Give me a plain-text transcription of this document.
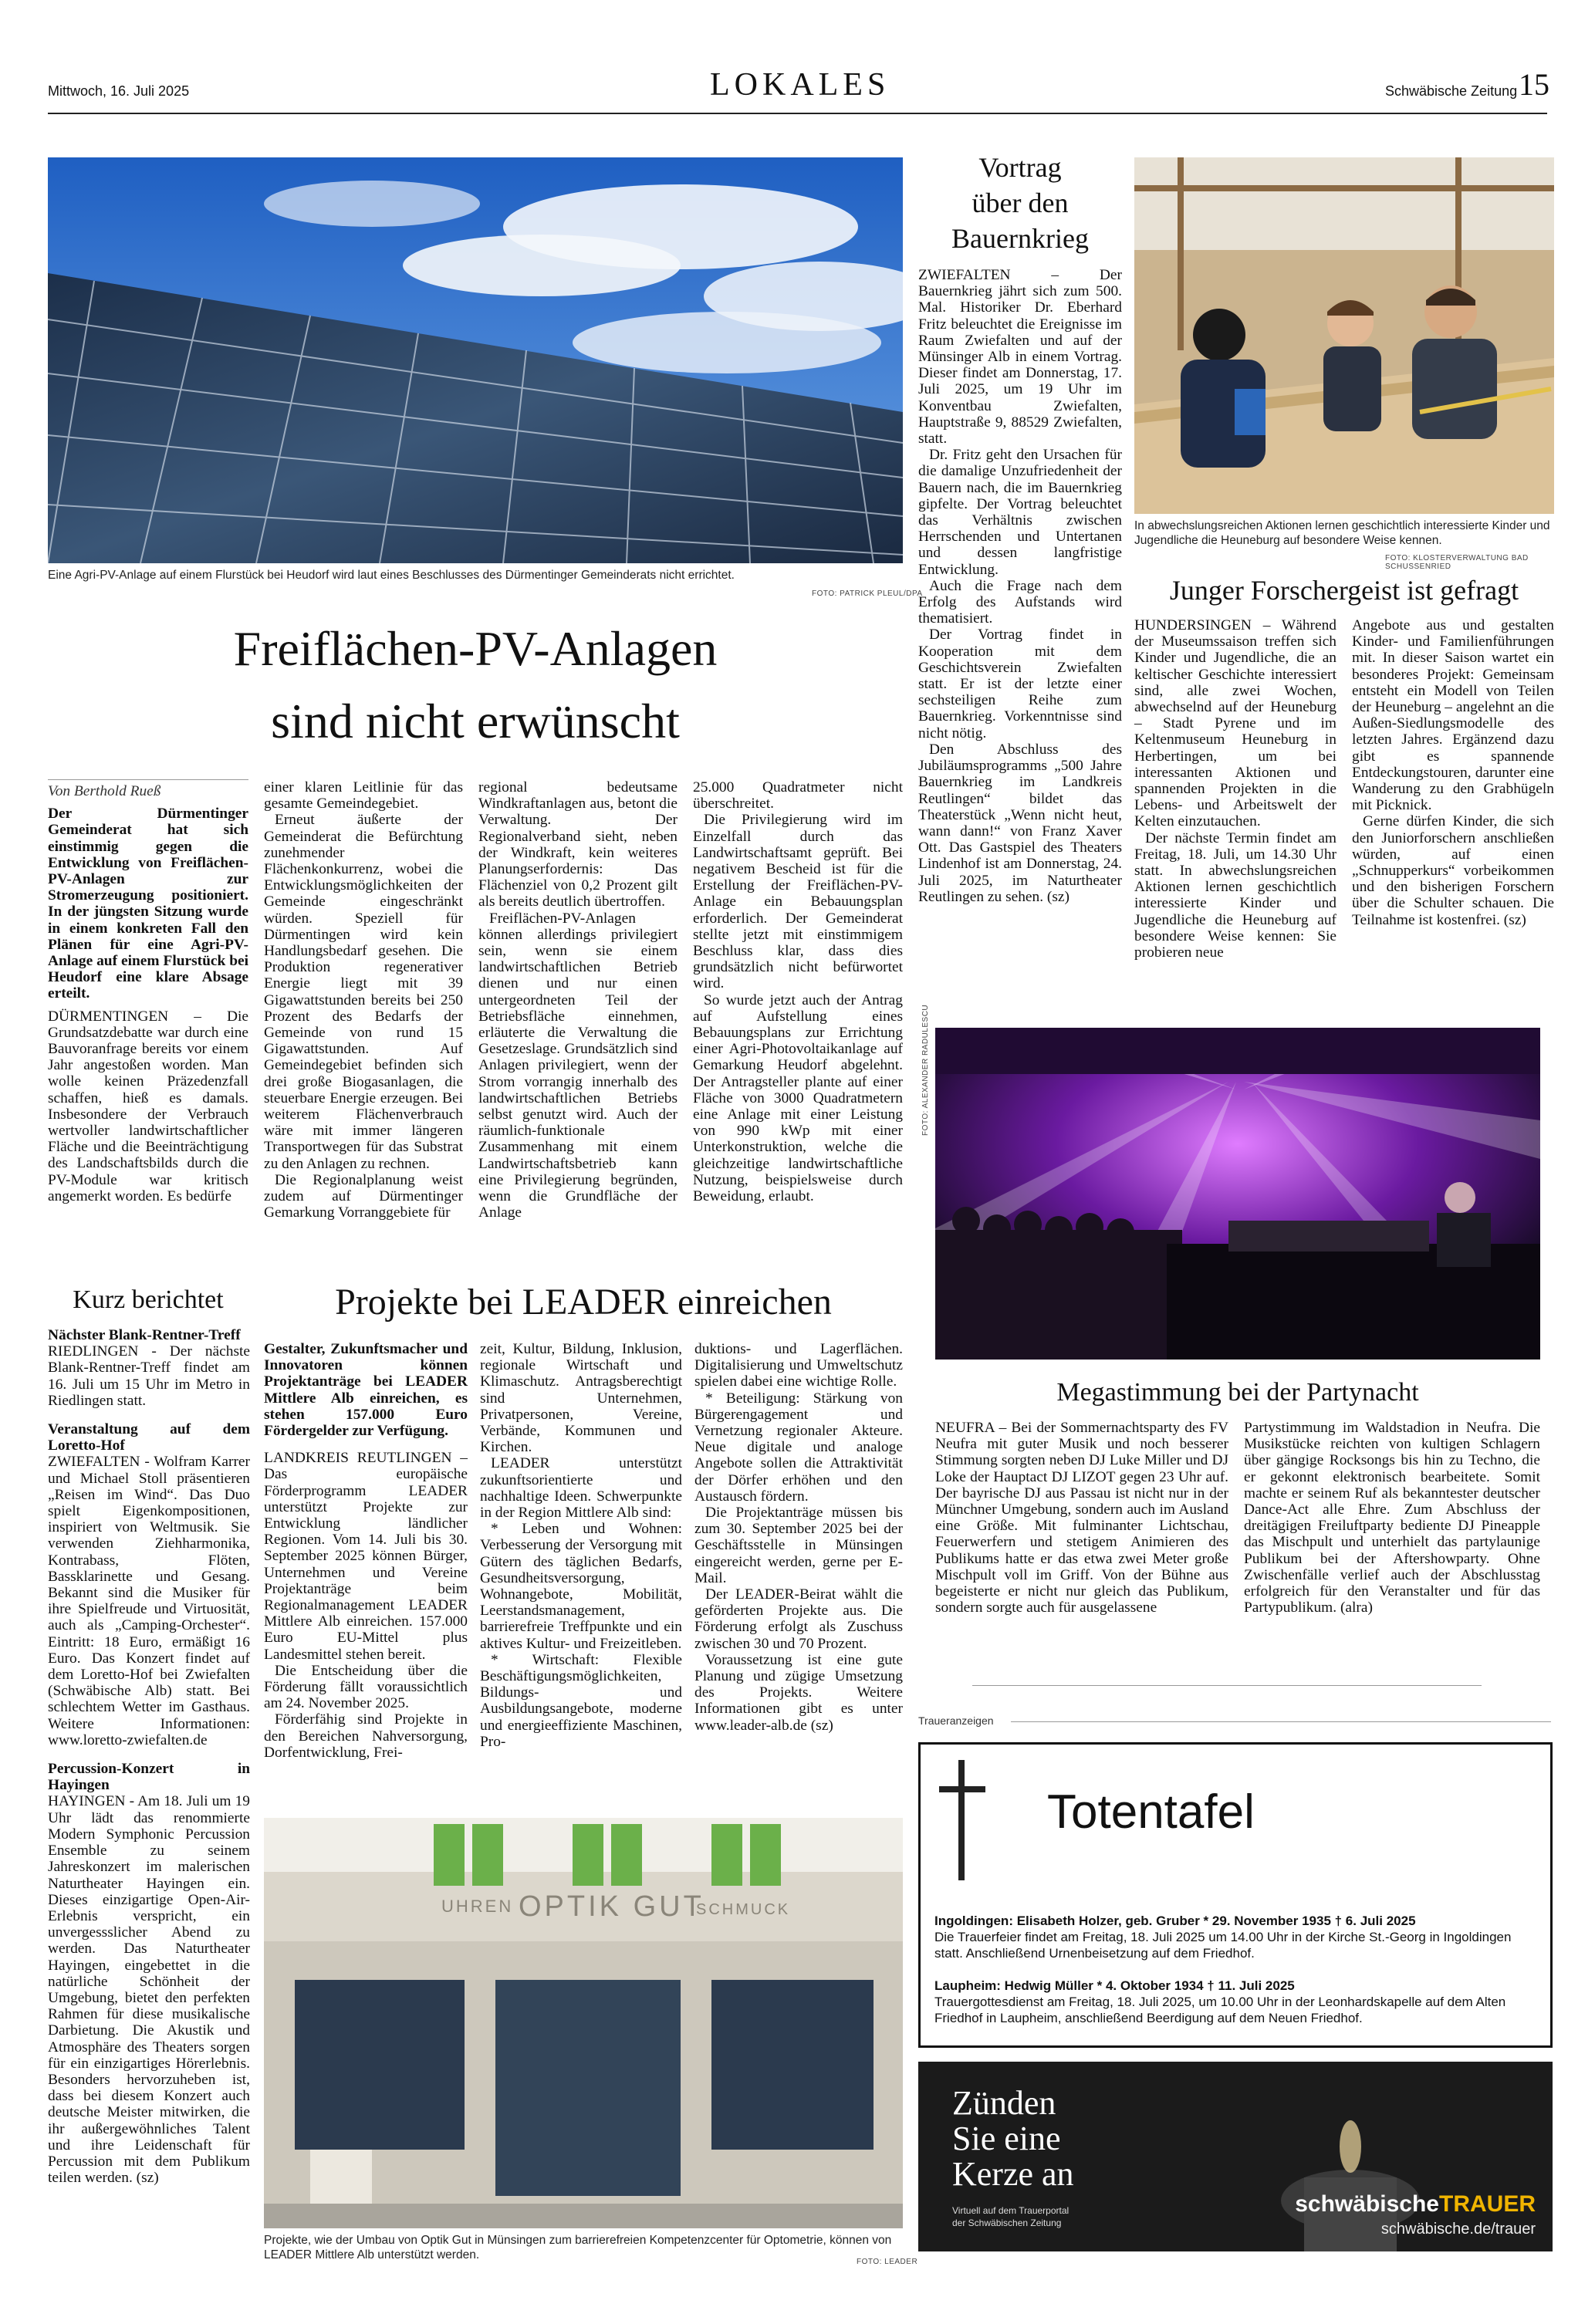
Mittwoch, 16. Juli 2025	LOKALES	Schwäbische Zeitung 15
Eine Agri-PV-Anlage auf einem Flurstück bei Heudorf wird laut eines Beschlusses des Dürmentinger Gemeinderats nicht errichtet.
FOTO: PATRICK PLEUL/DPA
Freiflächen-PV-Anlagen
sind nicht erwünscht

Von Berthold Rueß

Der Dürmentinger Gemeinderat hat sich einstimmig gegen die Entwicklung von Freiflächen-PV-Anlagen zur Stromerzeugung positioniert. In der jüngsten Sitzung wurde in einem konkreten Fall den Plänen für eine Agri-PV-Anlage auf einem Flurstück bei Heudorf eine klare Absage erteilt.

DÜRMENTINGEN – Die Grundsatzdebatte war durch eine Bauvoranfrage bereits vor einem Jahr angestoßen worden. Man wolle keinen Präzedenzfall schaffen, hieß es damals. Insbesondere der Verbrauch wertvoller landwirtschaftlicher Fläche und die Beeinträchtigung des Landschaftsbilds durch die PV-Module war kritisch angemerkt worden. Es bedürfe

einer klaren Leitlinie für das gesamte Gemeindegebiet.

Erneut äußerte der Gemeinderat die Befürchtung zunehmender Flächenkonkurrenz, wobei die Entwicklungsmöglichkeiten der Gemeinde eingeschränkt würden. Speziell für Dürmentingen wird kein Handlungsbedarf gesehen. Die Produktion regenerativer Energie liegt mit 39 Gigawattstunden bereits bei 250 Prozent des Bedarfs der Gemeinde von rund 15 Gigawattstunden. Auf Gemeindegebiet befinden sich drei große Biogasanlagen, die steuerbare Energie erzeugen. Bei weiterem Flächenverbrauch wäre mit immer längeren Transportwegen für das Substrat zu den Anlagen zu rechnen.

Die Regionalplanung weist zudem auf Dürmentinger Gemarkung Vorranggebiete für

regional bedeutsame Windkraftanlagen aus, betont die Verwaltung. Der Regionalverband sieht, neben der Windkraft, kein weiteres Planungserfordernis: Das Flächenziel von 0,2 Prozent gilt als bereits deutlich übertroffen.

Freiflächen-PV-Anlagen können allerdings privilegiert sein, wenn sie einem landwirtschaftlichen Betrieb dienen und nur einen untergeordneten Teil der Betriebsfläche einnehmen, erläuterte die Verwaltung die Gesetzeslage. Grundsätzlich sind Anlagen privilegiert, wenn der Strom vorrangig innerhalb des landwirtschaftlichen Betriebs selbst genutzt wird. Auch der räumlich-funktionale Zusammenhang mit einem Landwirtschaftsbetrieb kann eine Privilegierung begründen, wenn die Grundfläche der Anlage

25.000 Quadratmeter nicht überschreitet.

Die Privilegierung wird im Einzelfall durch das Landwirtschaftsamt geprüft. Bei negativem Bescheid ist für die Erstellung der Freiflächen-PV-Anlage ein Bebauungsplan erforderlich. Der Gemeinderat stellte jetzt mit einstimmigem Beschluss klar, dass dies grundsätzlich nicht befürwortet wird.

So wurde jetzt auch der Antrag auf Aufstellung eines Bebauungsplans zur Errichtung einer Agri-Photovoltaikanlage auf Gemarkung Heudorf abgelehnt. Der Antragsteller plante auf einer Fläche von 3000 Quadratmetern eine Anlage mit einer Leistung von 990 kWp mit einer Unterkonstruktion, welche die gleichzeitige landwirtschaftliche Nutzung, beispielsweise durch Beweidung, erlaubt.

Vortrag
über den
Bauernkrieg

ZWIEFALTEN – Der Bauernkrieg jährt sich zum 500. Mal. Historiker Dr. Eberhard Fritz beleuchtet die Ereignisse im Raum Zwiefalten und auf der Münsinger Alb in einem Vortrag. Dieser findet am Donnerstag, 17. Juli 2025, um 19 Uhr im Konventbau Zwiefalten, Hauptstraße 9, 88529 Zwiefalten, statt.

Dr. Fritz geht den Ursachen für die damalige Unzufriedenheit der Bauern nach, die im Bauernkrieg gipfelte. Der Vortrag beleuchtet das Verhältnis zwischen Herrschenden und Untertanen und dessen langfristige Entwicklung.

Auch die Frage nach dem Erfolg des Aufstands wird thematisiert.

Der Vortrag findet in Kooperation mit dem Geschichtsverein Zwiefalten statt. Er ist der letzte einer sechsteiligen Reihe zum Bauernkrieg. Vorkenntnisse sind nicht nötig.

Den Abschluss des Jubiläumsprogramms „500 Jahre Bauernkrieg im Landkreis Reutlingen“ bildet das Theaterstück „Wenn nicht heut, wann dann!“ von Franz Xaver Ott. Das Gastspiel des Theaters Lindenhof ist am Donnerstag, 24. Juli 2025, im Naturtheater Reutlingen zu sehen. (sz)

In abwechslungsreichen Aktionen lernen geschichtlich interessierte Kinder und Jugendliche die Heuneburg auf besondere Weise kennen.
FOTO: KLOSTERVERWALTUNG BAD SCHUSSENRIED
Junger Forschergeist ist gefragt

HUNDERSINGEN – Während der Museumssaison treffen sich Kinder und Jugendliche, die an keltischer Geschichte interessiert sind, alle zwei Wochen, abwechselnd auf der Heuneburg – Stadt Pyrene und im Keltenmuseum Heuneburg in Herbertingen, um bei interessanten Aktionen und spannenden Projekten in die Lebens- und Arbeitswelt der Kelten einzutauchen.

Der nächste Termin findet am Freitag, 18. Juli, um 14.30 Uhr statt. In abwechslungsreichen Aktionen lernen geschichtlich interessierte Kinder und Jugendliche die Heuneburg auf besondere Weise kennen: Sie probieren neue

Angebote aus und gestalten Kinder- und Familienführungen mit. In dieser Saison wartet ein besonderes Projekt: Gemeinsam entsteht ein Modell von Teilen der Heuneburg – angelehnt an die Außen-Siedlungsmodelle des letzten Jahres. Ergänzend dazu gibt es spannende Entdeckungstouren, darunter eine Wanderung zu den Grabhügeln mit Picknick.

Gerne dürfen Kinder, die sich den Juniorforschern anschließen würden, auf einen „Schnupperkurs“ vorbeikommen und den bisherigen Forschern über die Schulter schauen. Die Teilnahme ist kostenfrei. (sz)

FOTO: ALEXANDER RADULESCU
Megastimmung bei der Partynacht

NEUFRA – Bei der Sommernachtsparty des FV Neufra mit guter Musik und noch besserer Stimmung sorgten neben DJ Luke Miller und DJ Loke der Hauptact DJ LIZOT gegen 23 Uhr auf. Der bayrische DJ aus Passau ist nicht nur in der Münchner Umgebung, sondern auch im Ausland eine Größe. Mit fulminanter Lichtschau, Feuerwerfern und stetigem Animieren des Publikums hatte er das etwa zwei Meter große Mischpult voll im Griff. Von der Bühne aus begeisterte er nicht nur gleich das Publikum, sondern sorgte auch für ausgelassene

Partystimmung im Waldstadion in Neufra. Die Musikstücke reichten von kultigen Schlagern über gängige Rocksongs bis hin zu Techno, die er gekonnt elektronisch bearbeitete. Somit machte er seinem Ruf als bekanntester deutscher Dance-Act alle Ehre. Zum Abschluss der dreitägigen Freiluftparty bediente DJ Pineapple das Mischpult und unterhielt das partylaunige Publikum bei der Aftershowparty. Ohne Zwischenfälle verlief auch der Abschlusstag erfolgreich für den Veranstalter und für das Partypublikum. (alra)

Kurz berichtet

Nächster Blank-Rentner-Treff

RIEDLINGEN - Der nächste Blank-Rentner-Treff findet am 16. Juli um 15 Uhr im Metro in Riedlingen statt.

Veranstaltung auf dem Loretto-Hof

ZWIEFALTEN - Wolfram Karrer und Michael Stoll präsentieren „Reisen im Wind“. Das Duo spielt Eigenkompositionen, inspiriert von Weltmusik. Sie verwenden Ziehharmonika, Kontrabass, Flöten, Bassklarinette und Gesang. Bekannt sind die Musiker für ihre Spielfreude und Virtuosität, auch als „Camping-Orchester“. Eintritt: 18 Euro, ermäßigt 16 Euro. Das Konzert findet auf dem Loretto-Hof bei Zwiefalten (Schwäbische Alb) statt. Bei schlechtem Wetter im Gasthaus. Weitere Informationen: www.loretto-zwiefalten.de

Percussion-Konzert in Hayingen

HAYINGEN - Am 18. Juli um 19 Uhr lädt das renommierte Modern Symphonic Percussion Ensemble zu seinem Jahreskonzert im malerischen Naturtheater Hayingen ein. Dieses einzigartige Open-Air-Erlebnis verspricht, ein unvergessslicher Abend zu werden. Das Naturtheater Hayingen, eingebettet in die natürliche Schönheit der Umgebung, bietet den perfekten Rahmen für diese musikalische Darbietung. Die Akustik und Atmosphäre des Theaters sorgen für ein einzigartiges Hörerlebnis. Besonders hervorzuheben ist, dass bei diesem Konzert auch deutsche Meister mitwirken, die ihr außergewöhnliches Talent und ihre Leidenschaft für Percussion mit dem Publikum teilen werden. (sz)

Projekte bei LEADER einreichen

Gestalter, Zukunftsmacher und Innovatoren können Projektanträge bei LEADER Mittlere Alb einreichen, es stehen 157.000 Euro Fördergelder zur Verfügung.

LANDKREIS REUTLINGEN – Das europäische Förderprogramm LEADER unterstützt Projekte zur Entwicklung ländlicher Regionen. Vom 14. Juli bis 30. September 2025 können Bürger, Unternehmen und Vereine Projektanträge beim Regionalmanagement LEADER Mittlere Alb einreichen. 157.000 Euro EU-Mittel plus Landesmittel stehen bereit.

Die Entscheidung über die Förderung fällt voraussichtlich am 24. November 2025.

Förderfähig sind Projekte in den Bereichen Nahversorgung, Dorfentwicklung, Frei-

zeit, Kultur, Bildung, Inklusion, regionale Wirtschaft und Klimaschutz. Antragsberechtigt sind Unternehmen, Privatpersonen, Vereine, Verbände, Kommunen und Kirchen.

LEADER unterstützt zukunftsorientierte und nachhaltige Ideen. Schwerpunkte in der Region Mittlere Alb sind:

* Leben und Wohnen: Verbesserung der Versorgung mit Gütern des täglichen Bedarfs, Gesundheitsversorgung, Wohnangebote, Mobilität, Leerstandsmanagement, barrierefreie Treffpunkte und ein aktives Kultur- und Freizeitleben.

* Wirtschaft: Flexible Beschäftigungsmöglichkeiten, Bildungs- und Ausbildungsangebote, moderne und energieeffiziente Maschinen, Pro-

duktions- und Lagerflächen. Digitalisierung und Umweltschutz spielen dabei eine wichtige Rolle.

* Beteiligung: Stärkung von Bürgerengagement und Vernetzung regionaler Akteure. Neue digitale und analoge Angebote sollen die Attraktivität der Dörfer erhöhen und den Austausch fördern.

Die Projektanträge müssen bis zum 30. September 2025 bei der Geschäftsstelle in Münsingen eingereicht werden, gerne per E-Mail.

Der LEADER-Beirat wählt die geförderten Projekte aus. Die Förderung erfolgt als Zuschuss zwischen 30 und 70 Prozent.

Voraussetzung ist eine gute Planung und zügige Umsetzung des Projekts. Weitere Informationen gibt es unter www.leader-alb.de (sz)

UHREN OPTIK GUT
SCHMUCK
Projekte, wie der Umbau von Optik Gut in Münsingen zum barrierefreien Kompetenzcenter für Optometrie, können von LEADER Mittlere Alb unterstützt werden.
FOTO: LEADER
Traueranzeigen
Totentafel
Ingoldingen: Elisabeth Holzer, geb. Gruber * 29. November 1935 † 6. Juli 2025
Die Trauerfeier findet am Freitag, 18. Juli 2025 um 14.00 Uhr in der Kirche St.-Georg in Ingoldingen statt. Anschließend Urnenbeisetzung auf dem Friedhof.
Laupheim: Hedwig Müller * 4. Oktober 1934 † 11. Juli 2025
Trauergottesdienst am Freitag, 18. Juli 2025, um 10.00 Uhr in der Leonhardskapelle auf dem Alten Friedhof in Laupheim, anschließend Beerdigung auf dem Neuen Friedhof.
Zünden
Sie eine
Kerze an
Virtuell auf dem Trauerportal
der Schwäbischen Zeitung
schwäbischeTRAUER
schwäbische.de/trauer
